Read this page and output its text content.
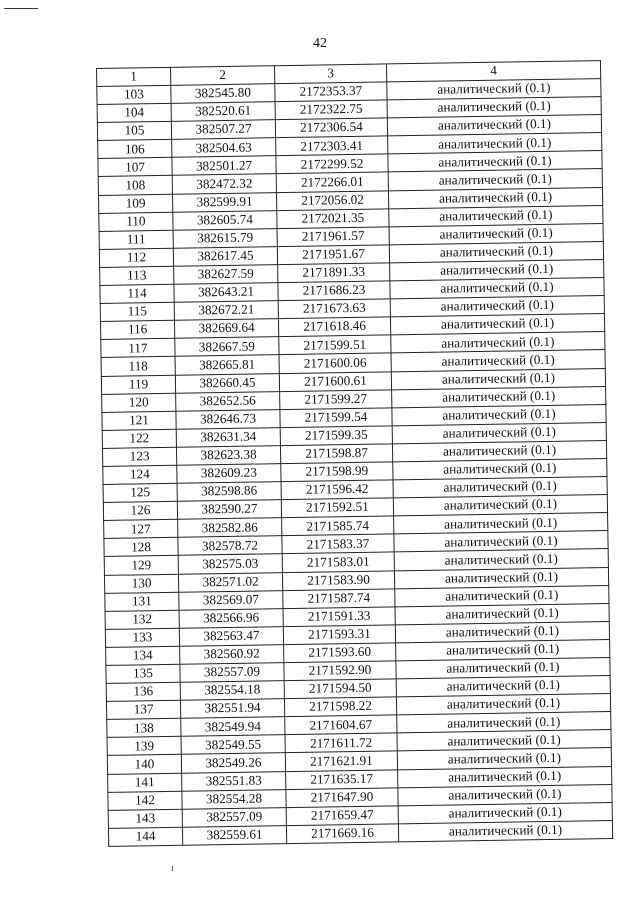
42
1	2	3	4
103	382545.80	2172353.37	аналитический (0.1)
104	382520.61	2172322.75	аналитический (0.1)
105	382507.27	2172306.54	аналитический (0.1)
106	382504.63	2172303.41	аналитический (0.1)
107	382501.27	2172299.52	аналитический (0.1)
108	382472.32	2172266.01	аналитический (0.1)
109	382599.91	2172056.02	аналитический (0.1)
110	382605.74	2172021.35	аналитический (0.1)
111	382615.79	2171961.57	аналитический (0.1)
112	382617.45	2171951.67	аналитический (0.1)
113	382627.59	2171891.33	аналитический (0.1)
114	382643.21	2171686.23	аналитический (0.1)
115	382672.21	2171673.63	аналитический (0.1)
116	382669.64	2171618.46	аналитический (0.1)
117	382667.59	2171599.51	аналитический (0.1)
118	382665.81	2171600.06	аналитический (0.1)
119	382660.45	2171600.61	аналитический (0.1)
120	382652.56	2171599.27	аналитический (0.1)
121	382646.73	2171599.54	аналитический (0.1)
122	382631.34	2171599.35	аналитический (0.1)
123	382623.38	2171598.87	аналитический (0.1)
124	382609.23	2171598.99	аналитический (0.1)
125	382598.86	2171596.42	аналитический (0.1)
126	382590.27	2171592.51	аналитический (0.1)
127	382582.86	2171585.74	аналитический (0.1)
128	382578.72	2171583.37	аналитический (0.1)
129	382575.03	2171583.01	аналитический (0.1)
130	382571.02	2171583.90	аналитический (0.1)
131	382569.07	2171587.74	аналитический (0.1)
132	382566.96	2171591.33	аналитический (0.1)
133	382563.47	2171593.31	аналитический (0.1)
134	382560.92	2171593.60	аналитический (0.1)
135	382557.09	2171592.90	аналитический (0.1)
136	382554.18	2171594.50	аналитический (0.1)
137	382551.94	2171598.22	аналитический (0.1)
138	382549.94	2171604.67	аналитический (0.1)
139	382549.55	2171611.72	аналитический (0.1)
140	382549.26	2171621.91	аналитический (0.1)
141	382551.83	2171635.17	аналитический (0.1)
142	382554.28	2171647.90	аналитический (0.1)
143	382557.09	2171659.47	аналитический (0.1)
144	382559.61	2171669.16	аналитический (0.1)
